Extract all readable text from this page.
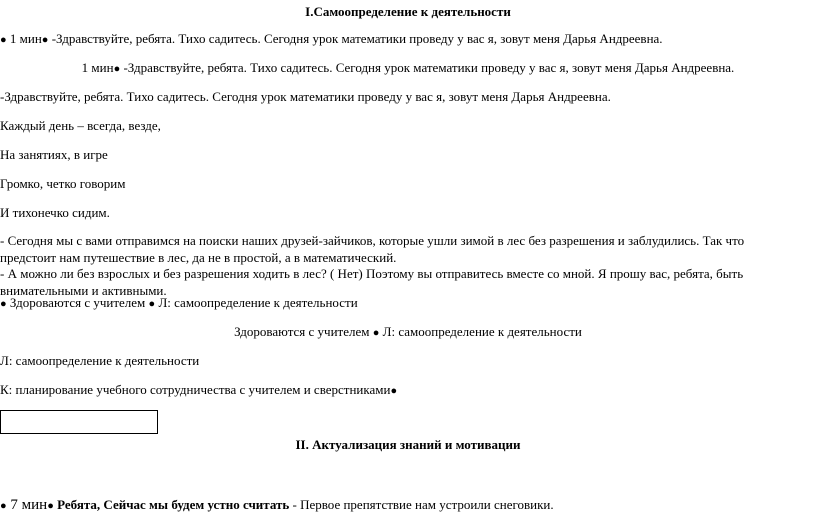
I.Самоопределение к деятельности
● 1 мин● -Здравствуйте, ребята. Тихо садитесь. Сегодня урок математики проведу у вас я, зовут меня Дарья Андреевна.
1 мин● -Здравствуйте, ребята. Тихо садитесь. Сегодня урок математики проведу у вас я, зовут меня Дарья Андреевна.
-Здравствуйте, ребята. Тихо садитесь. Сегодня урок математики проведу у вас я, зовут меня Дарья Андреевна.
Каждый день – всегда, везде,
На занятиях, в игре
Громко, четко говорим
И тихонечко сидим.
- Сегодня мы с вами отправимся на поиски наших друзей-зайчиков, которые ушли зимой в лес без разрешения и заблудились. Так что предстоит нам путешествие в лес, да не в простой, а в математический.
- А можно ли без взрослых и без разрешения ходить в лес? ( Нет) Поэтому вы отправитесь вместе со мной. Я прошу вас, ребята, быть внимательными и активными.
● Здороваются с учителем ● Л: самоопределение к деятельности
Здороваются с учителем ● Л: самоопределение к деятельности
Л: самоопределение к деятельности
К: планирование учебного сотрудничества с учителем и сверстниками●
II. Актуализация знаний и мотивации
● 7 мин● Ребята, Сейчас мы будем устно считать - Первое препятствие нам устроили снеговики.
